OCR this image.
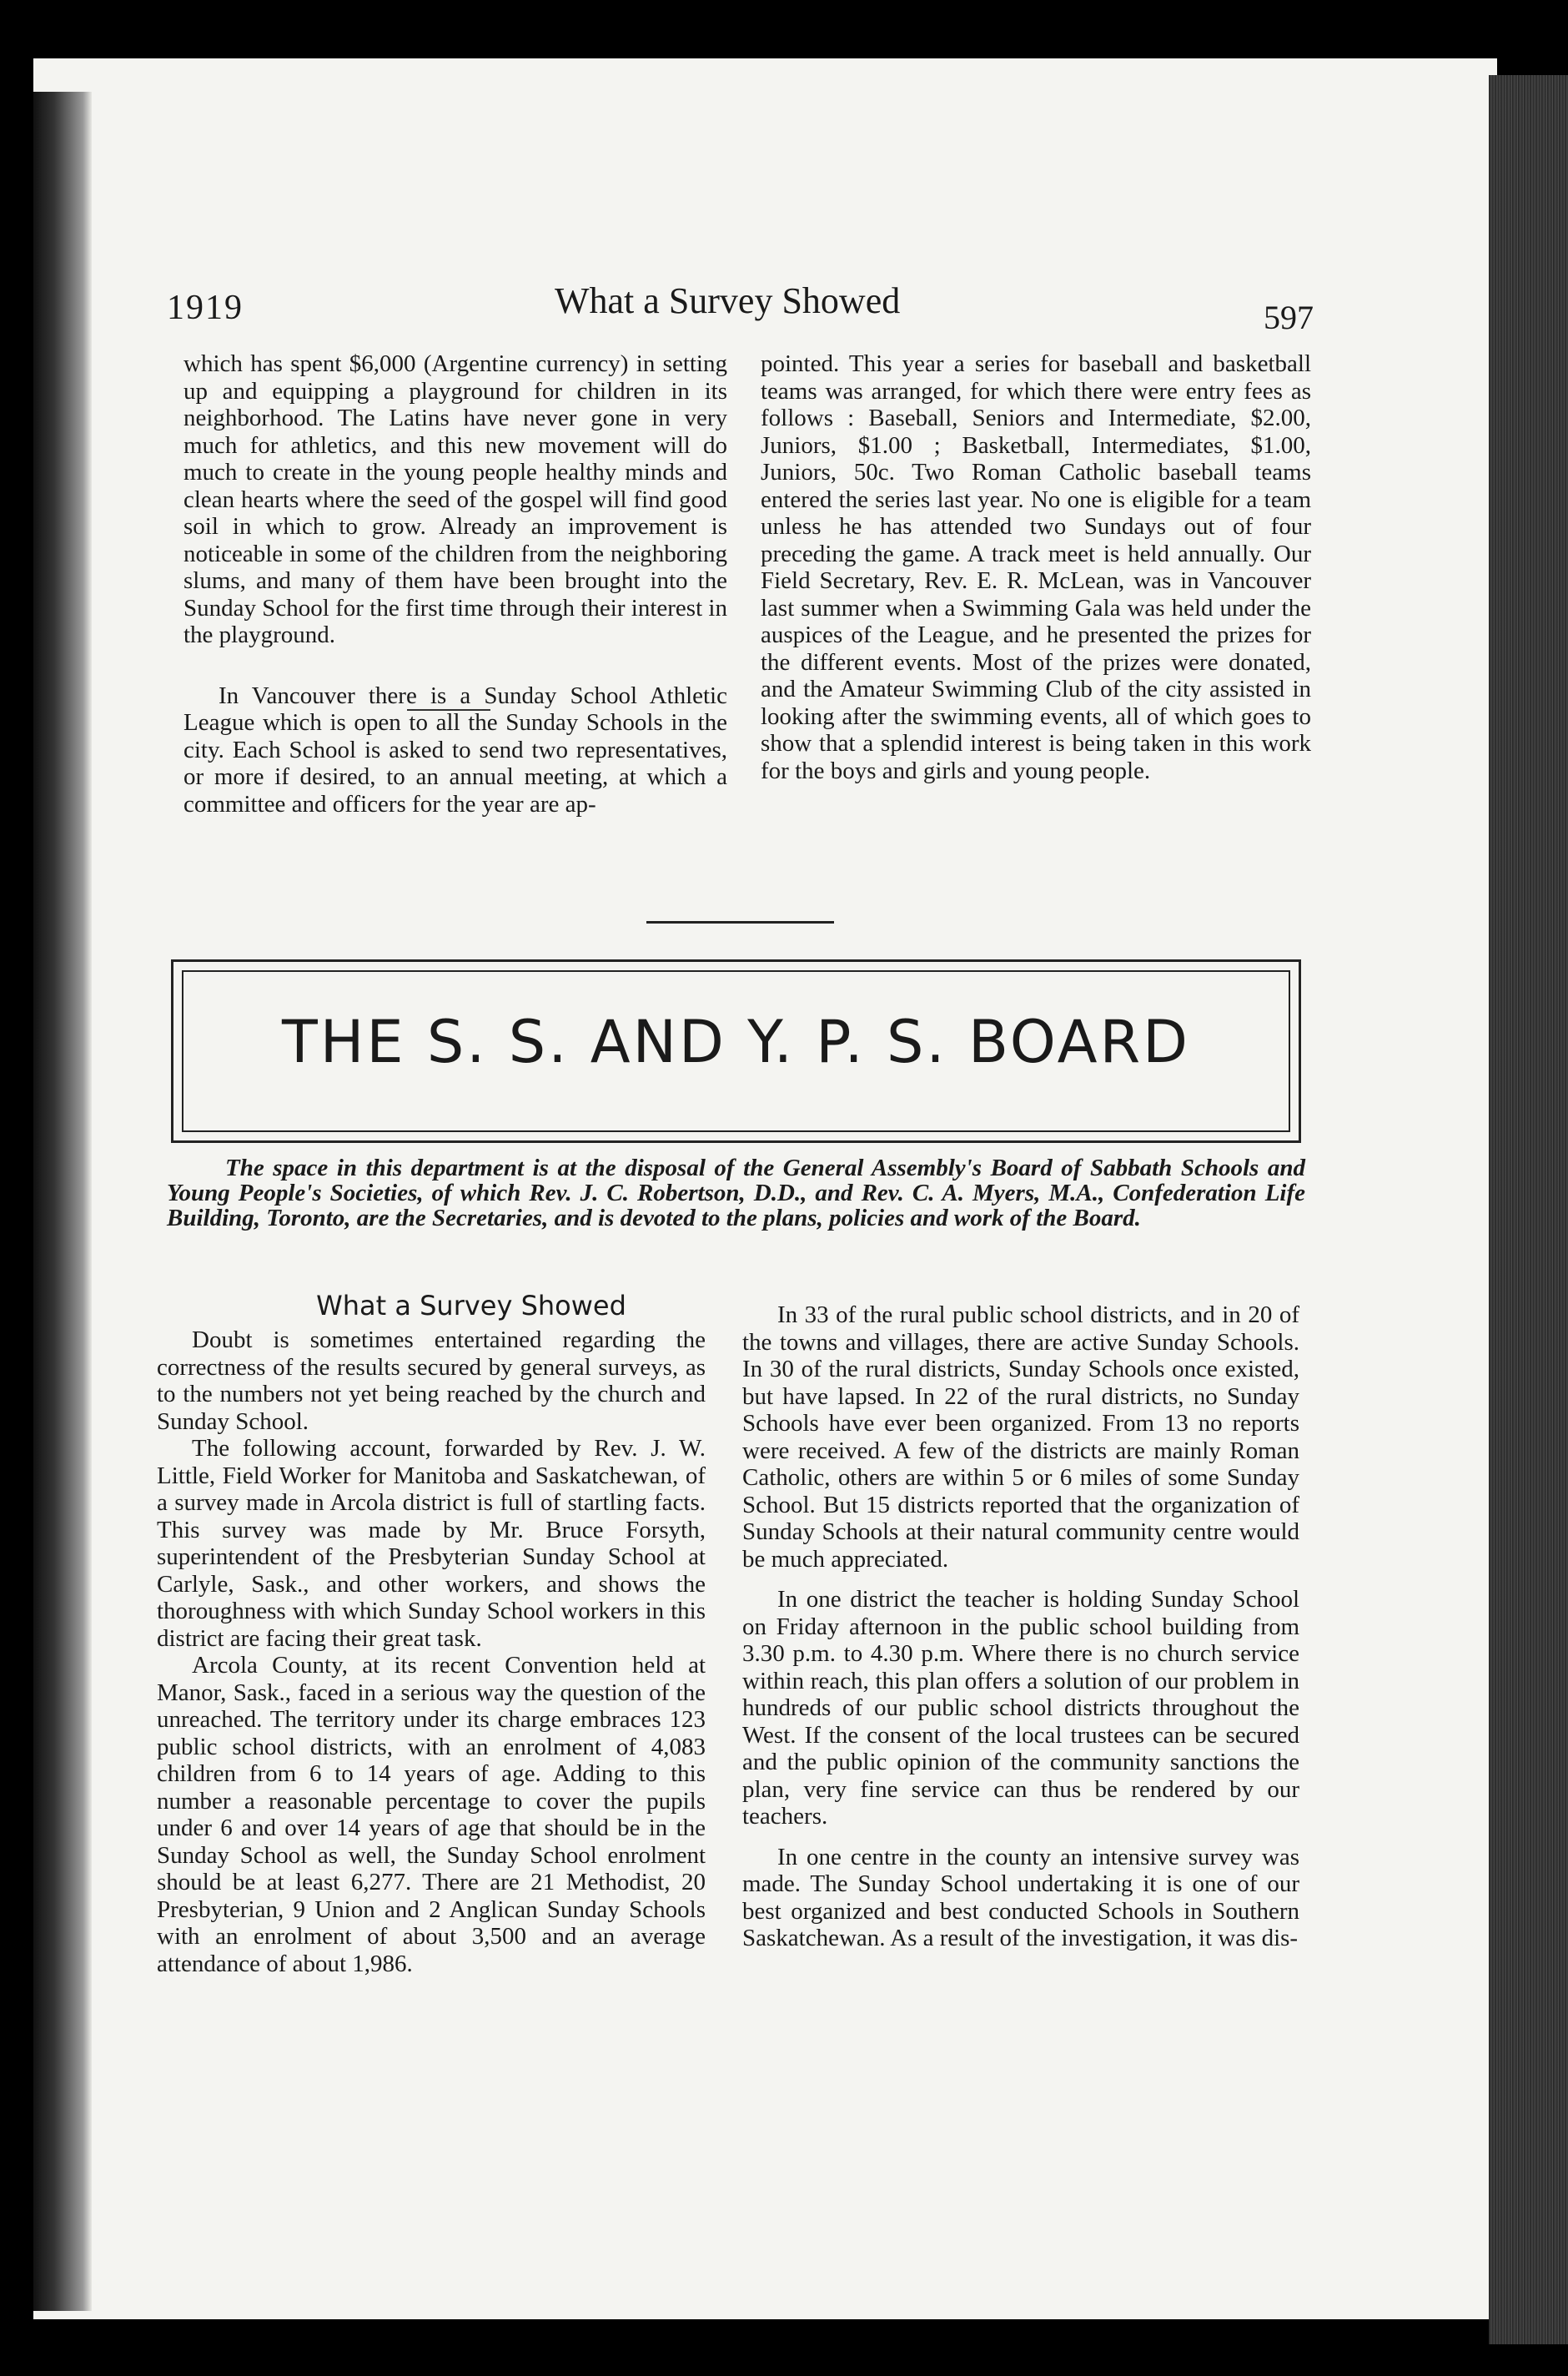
1919	What a Survey Showed	597

which has spent $6,000 (Argentine currency) in setting up and equipping a playground for children in its neighborhood. The Latins have never gone in very much for athletics, and this new movement will do much to create in the young people healthy minds and clean hearts where the seed of the gospel will find good soil in which to grow. Already an improvement is noticeable in some of the children from the neighboring slums, and many of them have been brought into the Sunday School for the first time through their interest in the playground.

In Vancouver there is a Sunday School Athletic League which is open to all the Sunday Schools in the city. Each School is asked to send two representatives, or more if desired, to an annual meeting, at which a committee and officers for the year are ap-

pointed. This year a series for baseball and basketball teams was arranged, for which there were entry fees as follows : Baseball, Seniors and Intermediate, $2.00, Juniors, $1.00 ; Basketball, Intermediates, $1.00, Juniors, 50c. Two Roman Catholic baseball teams entered the series last year. No one is eligible for a team unless he has attended two Sundays out of four preceding the game. A track meet is held annually. Our Field Secretary, Rev. E. R. McLean, was in Vancouver last summer when a Swimming Gala was held under the auspices of the League, and he presented the prizes for the different events. Most of the prizes were donated, and the Amateur Swimming Club of the city assisted in looking after the swimming events, all of which goes to show that a splendid interest is being taken in this work for the boys and girls and young people.

THE S. S. AND Y. P. S. BOARD
The space in this department is at the disposal of the General Assembly's Board of Sabbath Schools and Young People's Societies, of which Rev. J. C. Robertson, D.D., and Rev. C. A. Myers, M.A., Confederation Life Building, Toronto, are the Secretaries, and is devoted to the plans, policies and work of the Board.
What a Survey Showed

Doubt is sometimes entertained regarding the correctness of the results secured by general surveys, as to the numbers not yet being reached by the church and Sunday School.

The following account, forwarded by Rev. J. W. Little, Field Worker for Manitoba and Saskatchewan, of a survey made in Arcola district is full of startling facts. This survey was made by Mr. Bruce Forsyth, superintendent of the Presbyterian Sunday School at Carlyle, Sask., and other workers, and shows the thoroughness with which Sunday School workers in this district are facing their great task.

Arcola County, at its recent Convention held at Manor, Sask., faced in a serious way the question of the unreached. The territory under its charge embraces 123 public school districts, with an enrolment of 4,083 children from 6 to 14 years of age. Adding to this number a reasonable percentage to cover the pupils under 6 and over 14 years of age that should be in the Sunday School as well, the Sunday School enrolment should be at least 6,277. There are 21 Methodist, 20 Presbyterian, 9 Union and 2 Anglican Sunday Schools with an enrolment of about 3,500 and an average attendance of about 1,986.

In 33 of the rural public school districts, and in 20 of the towns and villages, there are active Sunday Schools. In 30 of the rural districts, Sunday Schools once existed, but have lapsed. In 22 of the rural districts, no Sunday Schools have ever been organized. From 13 no reports were received. A few of the districts are mainly Roman Catholic, others are within 5 or 6 miles of some Sunday School. But 15 districts reported that the organization of Sunday Schools at their natural community centre would be much appreciated.

In one district the teacher is holding Sunday School on Friday afternoon in the public school building from 3.30 p.m. to 4.30 p.m. Where there is no church service within reach, this plan offers a solution of our problem in hundreds of our public school districts throughout the West. If the consent of the local trustees can be secured and the public opinion of the community sanctions the plan, very fine service can thus be rendered by our teachers.

In one centre in the county an intensive survey was made. The Sunday School undertaking it is one of our best organized and best conducted Schools in Southern Saskatchewan. As a result of the investigation, it was dis-
